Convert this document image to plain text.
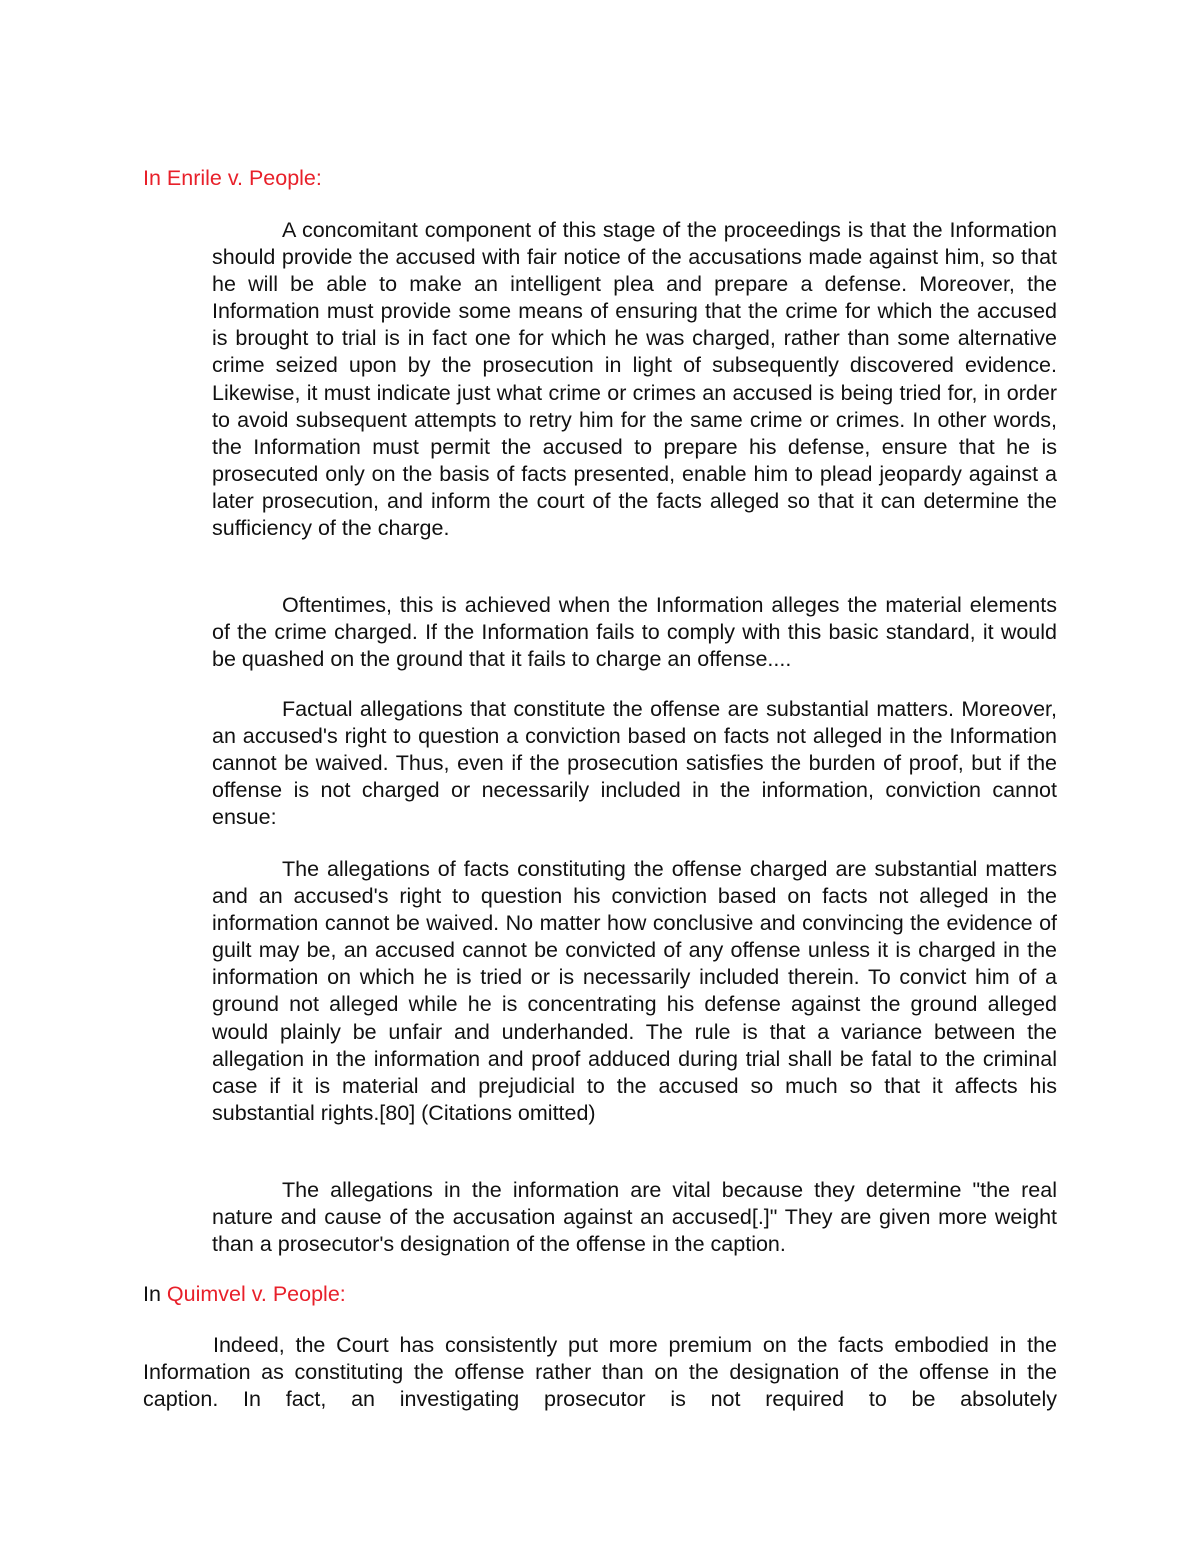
In Enrile v. People:

A concomitant component of this stage of the proceedings is that the Information should provide the accused with fair notice of the accusations made against him, so that he will be able to make an intelligent plea and prepare a defense. Moreover, the Information must provide some means of ensuring that the crime for which the accused is brought to trial is in fact one for which he was charged, rather than some alternative crime seized upon by the prosecution in light of subsequently discovered evidence. Likewise, it must indicate just what crime or crimes an accused is being tried for, in order to avoid subsequent attempts to retry him for the same crime or crimes. In other words, the Information must permit the accused to prepare his defense, ensure that he is prosecuted only on the basis of facts presented, enable him to plead jeopardy against a later prosecution, and inform the court of the facts alleged so that it can determine the sufficiency of the charge.

Oftentimes, this is achieved when the Information alleges the material elements of the crime charged. If the Information fails to comply with this basic standard, it would be quashed on the ground that it fails to charge an offense....

Factual allegations that constitute the offense are substantial matters. Moreover, an accused's right to question a conviction based on facts not alleged in the Information cannot be waived. Thus, even if the prosecution satisfies the burden of proof, but if the offense is not charged or necessarily included in the information, conviction cannot ensue:

The allegations of facts constituting the offense charged are substantial matters and an accused's right to question his conviction based on facts not alleged in the information cannot be waived. No matter how conclusive and convincing the evidence of guilt may be, an accused cannot be convicted of any offense unless it is charged in the information on which he is tried or is necessarily included therein. To convict him of a ground not alleged while he is concentrating his defense against the ground alleged would plainly be unfair and underhanded. The rule is that a variance between the allegation in the information and proof adduced during trial shall be fatal to the criminal case if it is material and prejudicial to the accused so much so that it affects his substantial rights.[80] (Citations omitted)

The allegations in the information are vital because they determine "the real nature and cause of the accusation against an accused[.]" They are given more weight than a prosecutor's designation of the offense in the caption.

In Quimvel v. People:

Indeed, the Court has consistently put more premium on the facts embodied in the Information as constituting the offense rather than on the designation of the offense in the caption. In fact, an investigating prosecutor is not required to be absolutely
